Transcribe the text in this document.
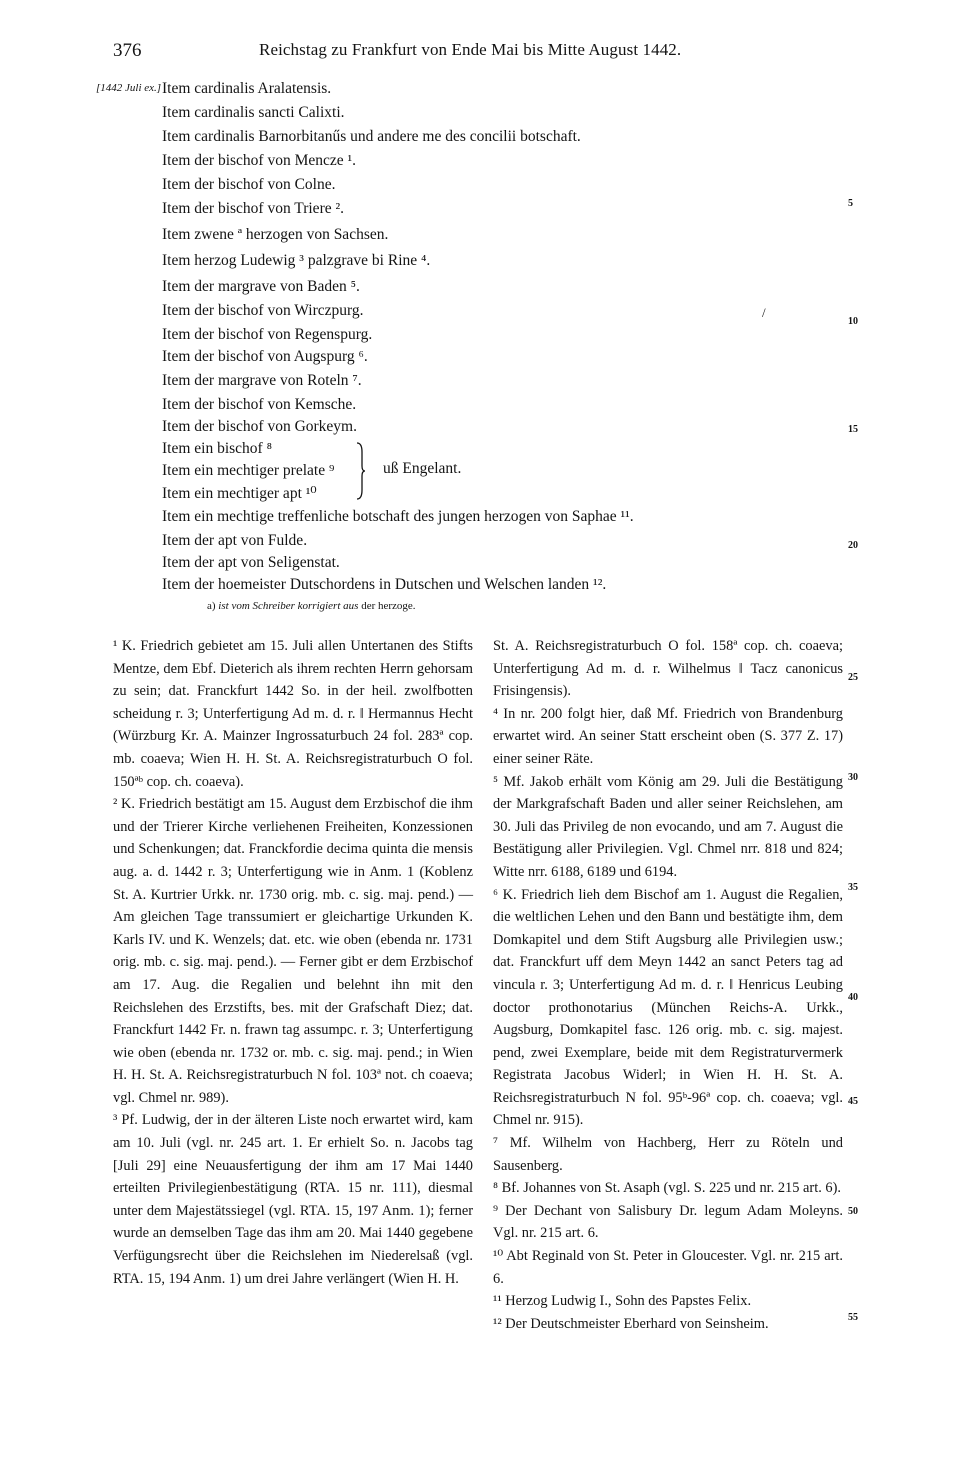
376	Reichstag zu Frankfurt von Ende Mai bis Mitte August 1442.
[1442 Juli ex.] Item cardinalis Aralatensis.
Item cardinalis sancti Calixti.
Item cardinalis Barnorbitanűs und andere me des concilii botschaft.
Item der bischof von Mencze ¹.
Item der bischof von Colne.
Item der bischof von Triere ².
Item zwene ª herzogen von Sachsen.
Item herzog Ludewig ³ palzgrave bi Rine ⁴.
Item der margrave von Baden ⁵.
Item der bischof von Wirczpurg.
Item der bischof von Regenspurg.
Item der bischof von Augspurg ⁶.
Item der margrave von Roteln ⁷.
Item der bischof von Kemsche.
Item der bischof von Gorkeym.
Item ein bischof ⁸
Item ein mechtiger prelate ⁹
Item ein mechtiger apt ¹⁰
Item ein mechtige treffenliche botschaft des jungen herzogen von Saphae ¹¹.
Item der apt von Fulde.
Item der apt von Seligenstat.
Item der hoemeister Dutschordens in Dutschen und Welschen landen ¹².
uß Engelant.
/
5
10
15
20
a) ist vom Schreiber korrigiert aus der herzoge.

¹ K. Friedrich gebietet am 15. Juli allen Untertanen des Stifts Mentze, dem Ebf. Dieterich als ihrem rechten Herrn gehorsam zu sein; dat. Franckfurt 1442 So. in der heil. zwolfbotten scheidung r. 3; Unterfertigung Ad m. d. r. ‖ Hermannus Hecht (Würzburg Kr. A. Mainzer Ingrossaturbuch 24 fol. 283ª cop. mb. coaeva; Wien H. H. St. A. Reichsregistraturbuch O fol. 150ªᵇ cop. ch. coaeva).

² K. Friedrich bestätigt am 15. August dem Erzbischof die ihm und der Trierer Kirche verliehenen Freiheiten, Konzessionen und Schenkungen; dat. Franckfordie decima quinta die mensis aug. a. d. 1442 r. 3; Unterfertigung wie in Anm. 1 (Koblenz St. A. Kurtrier Urkk. nr. 1730 orig. mb. c. sig. maj. pend.) — Am gleichen Tage transsumiert er gleichartige Urkunden K. Karls IV. und K. Wenzels; dat. etc. wie oben (ebenda nr. 1731 orig. mb. c. sig. maj. pend.). — Ferner gibt er dem Erzbischof am 17. Aug. die Regalien und belehnt ihn mit den Reichslehen des Erzstifts, bes. mit der Grafschaft Diez; dat. Franckfurt 1442 Fr. n. frawn tag assumpc. r. 3; Unterfertigung wie oben (ebenda nr. 1732 or. mb. c. sig. maj. pend.; in Wien H. H. St. A. Reichsregistraturbuch N fol. 103ª not. ch coaeva; vgl. Chmel nr. 989).

³ Pf. Ludwig, der in der älteren Liste noch erwartet wird, kam am 10. Juli (vgl. nr. 245 art. 1. Er erhielt So. n. Jacobs tag [Juli 29] eine Neuausfertigung der ihm am 17 Mai 1440 erteilten Privilegienbestätigung (RTA. 15 nr. 111), diesmal unter dem Majestätssiegel (vgl. RTA. 15, 197 Anm. 1); ferner wurde an demselben Tage das ihm am 20. Mai 1440 gegebene Verfügungsrecht über die Reichslehen im Niederelsaß (vgl. RTA. 15, 194 Anm. 1) um drei Jahre verlängert (Wien H. H.

St. A. Reichsregistraturbuch O fol. 158ª cop. ch. coaeva; Unterfertigung Ad m. d. r. Wilhelmus ‖ Tacz canonicus Frisingensis).

⁴ In nr. 200 folgt hier, daß Mf. Friedrich von Brandenburg erwartet wird. An seiner Statt erscheint oben (S. 377 Z. 17) einer seiner Räte.

⁵ Mf. Jakob erhält vom König am 29. Juli die Bestätigung der Markgrafschaft Baden und aller seiner Reichslehen, am 30. Juli das Privileg de non evocando, und am 7. August die Bestätigung aller Privilegien. Vgl. Chmel nrr. 818 und 824; Witte nrr. 6188, 6189 und 6194.

⁶ K. Friedrich lieh dem Bischof am 1. August die Regalien, die weltlichen Lehen und den Bann und bestätigte ihm, dem Domkapitel und dem Stift Augsburg alle Privilegien usw.; dat. Franckfurt uff dem Meyn 1442 an sanct Peters tag ad vincula r. 3; Unterfertigung Ad m. d. r. ‖ Henricus Leubing doctor prothonotarius (München Reichs-A. Urkk., Augsburg, Domkapitel fasc. 126 orig. mb. c. sig. majest. pend, zwei Exemplare, beide mit dem Registraturvermerk Registrata Jacobus Widerl; in Wien H. H. St. A. Reichsregistraturbuch N fol. 95ᵇ-96ª cop. ch. coaeva; vgl. Chmel nr. 915).

⁷ Mf. Wilhelm von Hachberg, Herr zu Röteln und Sausenberg.

⁸ Bf. Johannes von St. Asaph (vgl. S. 225 und nr. 215 art. 6).

⁹ Der Dechant von Salisbury Dr. legum Adam Moleyns. Vgl. nr. 215 art. 6.

¹⁰ Abt Reginald von St. Peter in Gloucester. Vgl. nr. 215 art. 6.

¹¹ Herzog Ludwig I., Sohn des Papstes Felix.

¹² Der Deutschmeister Eberhard von Seinsheim.

25
30
35
40
45
50
55
